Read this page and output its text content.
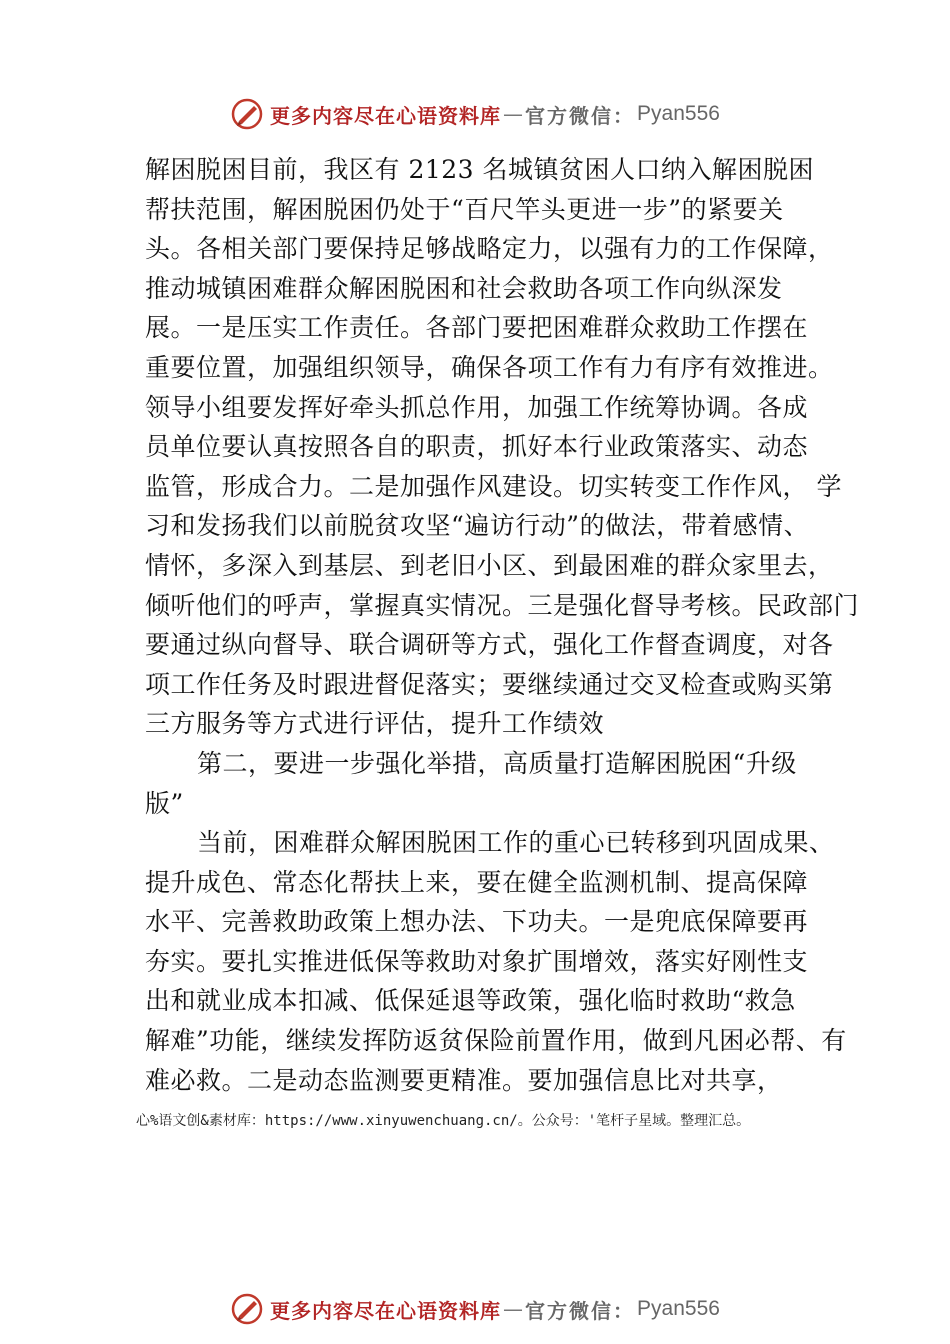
更多内容尽在心语资料库 — 官方微信： Pyan556
解困脱困目前，我区有 2123 名城镇贫困人口纳入解困脱困
帮扶范围，解困脱困仍处于“百尺竿头更进一步”的紧要关
头。各相关部门要保持足够战略定力，以强有力的工作保障，
推动城镇困难群众解困脱困和社会救助各项工作向纵深发
展。一是压实工作责任。各部门要把困难群众救助工作摆在
重要位置，加强组织领导，确保各项工作有力有序有效推进。
领导小组要发挥好牵头抓总作用，加强工作统筹协调。各成
员单位要认真按照各自的职责，抓好本行业政策落实、动态
监管，形成合力。二是加强作风建设。切实转变工作作风， 学
习和发扬我们以前脱贫攻坚“遍访行动”的做法，带着感情、
情怀，多深入到基层、到老旧小区、到最困难的群众家里去，
倾听他们的呼声，掌握真实情况。三是强化督导考核。民政部门
要通过纵向督导、联合调研等方式，强化工作督查调度，对各
项工作任务及时跟进督促落实；要继续通过交叉检查或购买第
三方服务等方式进行评估，提升工作绩效
第二，要进一步强化举措，高质量打造解困脱困“升级
版”
当前，困难群众解困脱困工作的重心已转移到巩固成果、
提升成色、常态化帮扶上来，要在健全监测机制、提高保障
水平、完善救助政策上想办法、下功夫。一是兜底保障要再
夯实。要扎实推进低保等救助对象扩围增效，落实好刚性支
出和就业成本扣减、低保延退等政策，强化临时救助“救急
解难”功能，继续发挥防返贫保险前置作用，做到凡困必帮、有
难必救。二是动态监测要更精准。要加强信息比对共享，
心%语文创&素材库：https://www.xinyuwenchuang.cn/。公众号：'笔杆子星域。整理汇总。
更多内容尽在心语资料库 — 官方微信： Pyan556
